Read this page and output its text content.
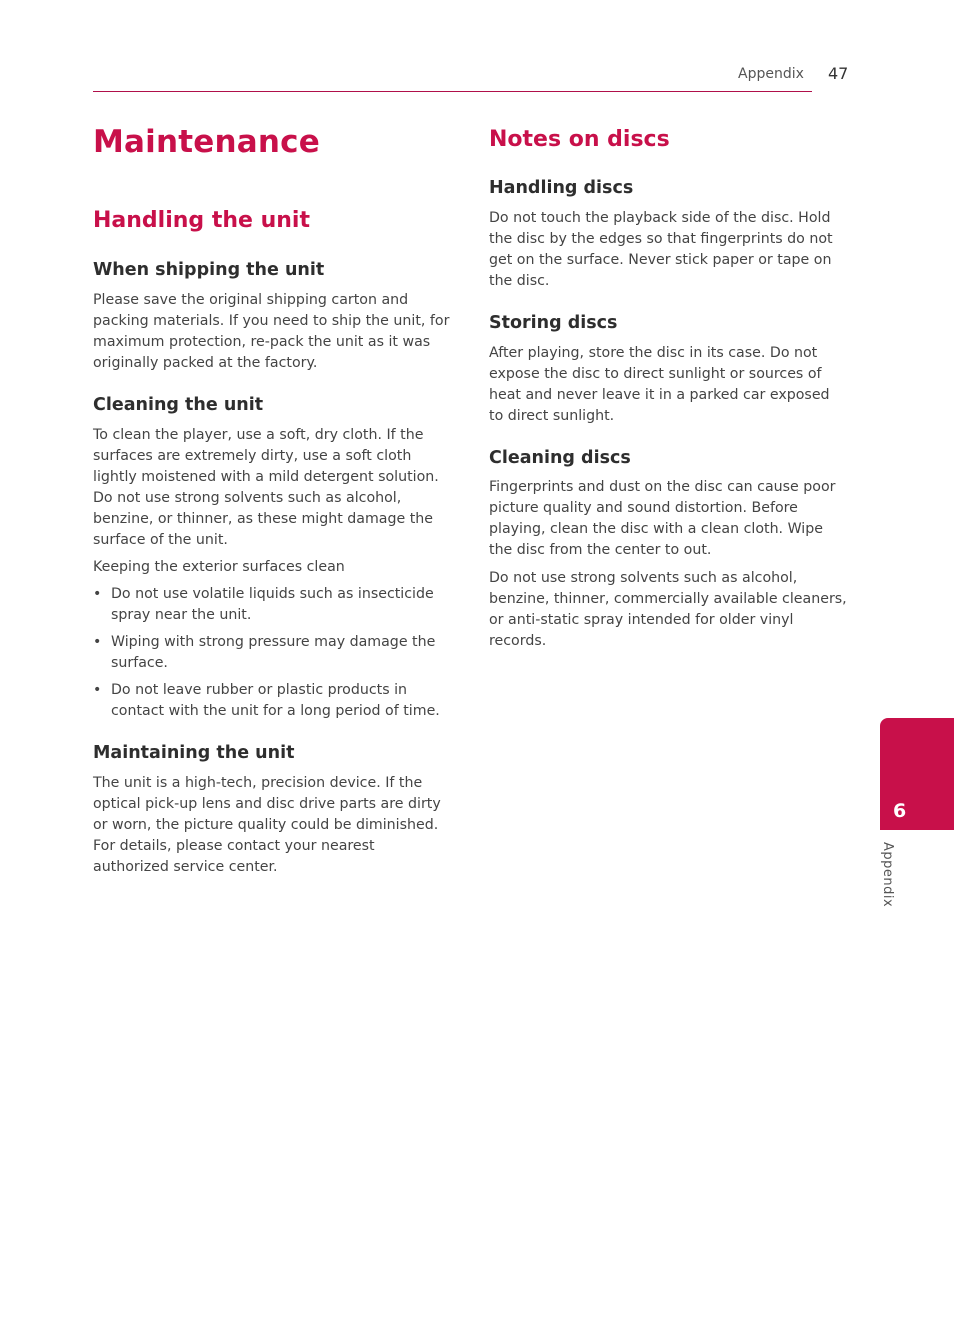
Appendix 47
Maintenance
Handling the unit
When shipping the unit

Please save the original shipping carton and packing materials. If you need to ship the unit, for maximum protection, re-pack the unit as it was originally packed at the factory.

Cleaning the unit

To clean the player, use a soft, dry cloth. If the surfaces are extremely dirty, use a soft cloth lightly moistened with a mild detergent solution. Do not use strong solvents such as alcohol, benzine, or thinner, as these might damage the surface of the unit.

Keeping the exterior surfaces clean

• Do not use volatile liquids such as insecticide spray near the unit.
• Wiping with strong pressure may damage the surface.
• Do not leave rubber or plastic products in contact with the unit for a long period of time.
Maintaining the unit

The unit is a high-tech, precision device. If the optical pick-up lens and disc drive parts are dirty or worn, the picture quality could be diminished. For details, please contact your nearest authorized service center.

Notes on discs
Handling discs

Do not touch the playback side of the disc. Hold the disc by the edges so that fingerprints do not get on the surface. Never stick paper or tape on the disc.

Storing discs

After playing, store the disc in its case. Do not expose the disc to direct sunlight or sources of heat and never leave it in a parked car exposed to direct sunlight.

Cleaning discs

Fingerprints and dust on the disc can cause poor picture quality and sound distortion. Before playing, clean the disc with a clean cloth. Wipe the disc from the center to out.

Do not use strong solvents such as alcohol, benzine, thinner, commercially available cleaners, or anti-static spray intended for older vinyl records.

6
Appendix
